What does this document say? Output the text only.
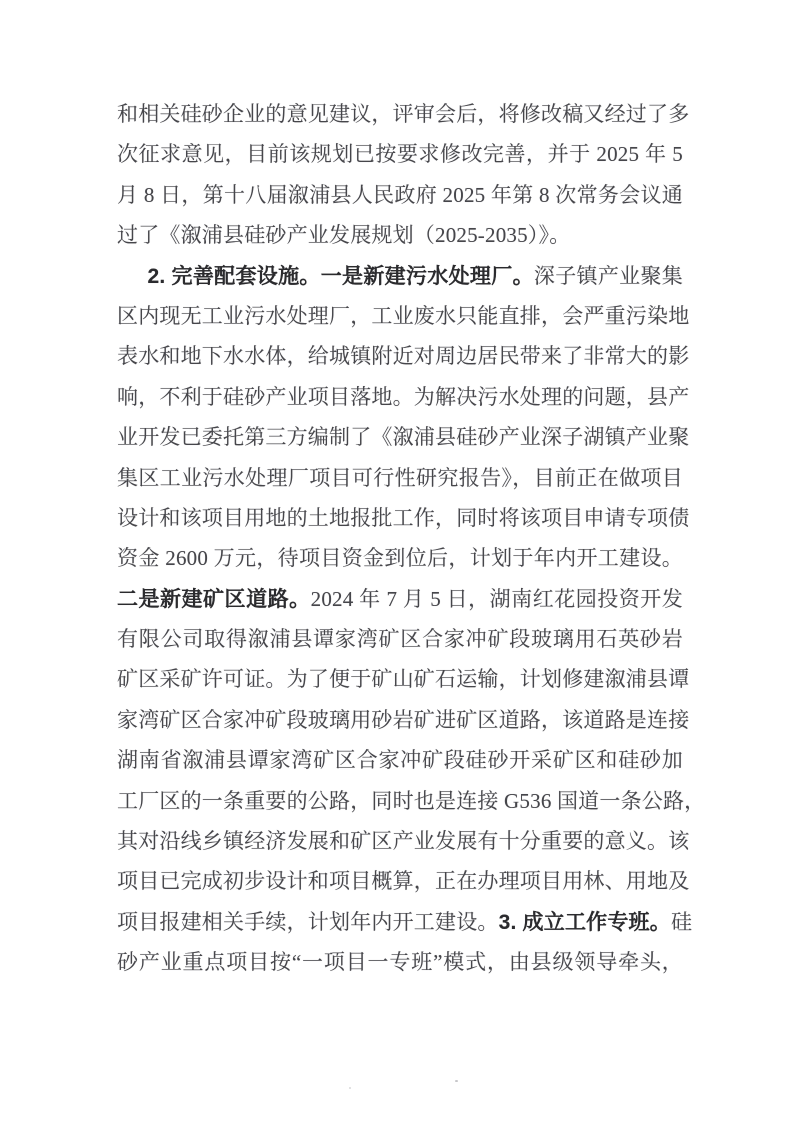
和相关硅砂企业的意见建议，评审会后，将修改稿又经过了多
次征求意见，目前该规划已按要求修改完善，并于 2025 年 5
月 8 日，第十八届溆浦县人民政府 2025 年第 8 次常务会议通
过了《溆浦县硅砂产业发展规划（2025-2035）》。
2. 完善配套设施。一是新建污水处理厂。深子镇产业聚集
区内现无工业污水处理厂，工业废水只能直排，会严重污染地
表水和地下水水体，给城镇附近对周边居民带来了非常大的影
响，不利于硅砂产业项目落地。为解决污水处理的问题，县产
业开发已委托第三方编制了《溆浦县硅砂产业深子湖镇产业聚
集区工业污水处理厂项目可行性研究报告》，目前正在做项目
设计和该项目用地的土地报批工作，同时将该项目申请专项债
资金 2600 万元，待项目资金到位后，计划于年内开工建设。
二是新建矿区道路。2024 年 7 月 5 日，湖南红花园投资开发
有限公司取得溆浦县谭家湾矿区合家冲矿段玻璃用石英砂岩
矿区采矿许可证。为了便于矿山矿石运输，计划修建溆浦县谭
家湾矿区合家冲矿段玻璃用砂岩矿进矿区道路，该道路是连接
湖南省溆浦县谭家湾矿区合家冲矿段硅砂开采矿区和硅砂加
工厂区的一条重要的公路，同时也是连接 G536 国道一条公路，
其对沿线乡镇经济发展和矿区产业发展有十分重要的意义。该
项目已完成初步设计和项目概算，正在办理项目用林、用地及
项目报建相关手续，计划年内开工建设。3. 成立工作专班。硅
砂产业重点项目按“一项目一专班”模式，由县级领导牵头，
